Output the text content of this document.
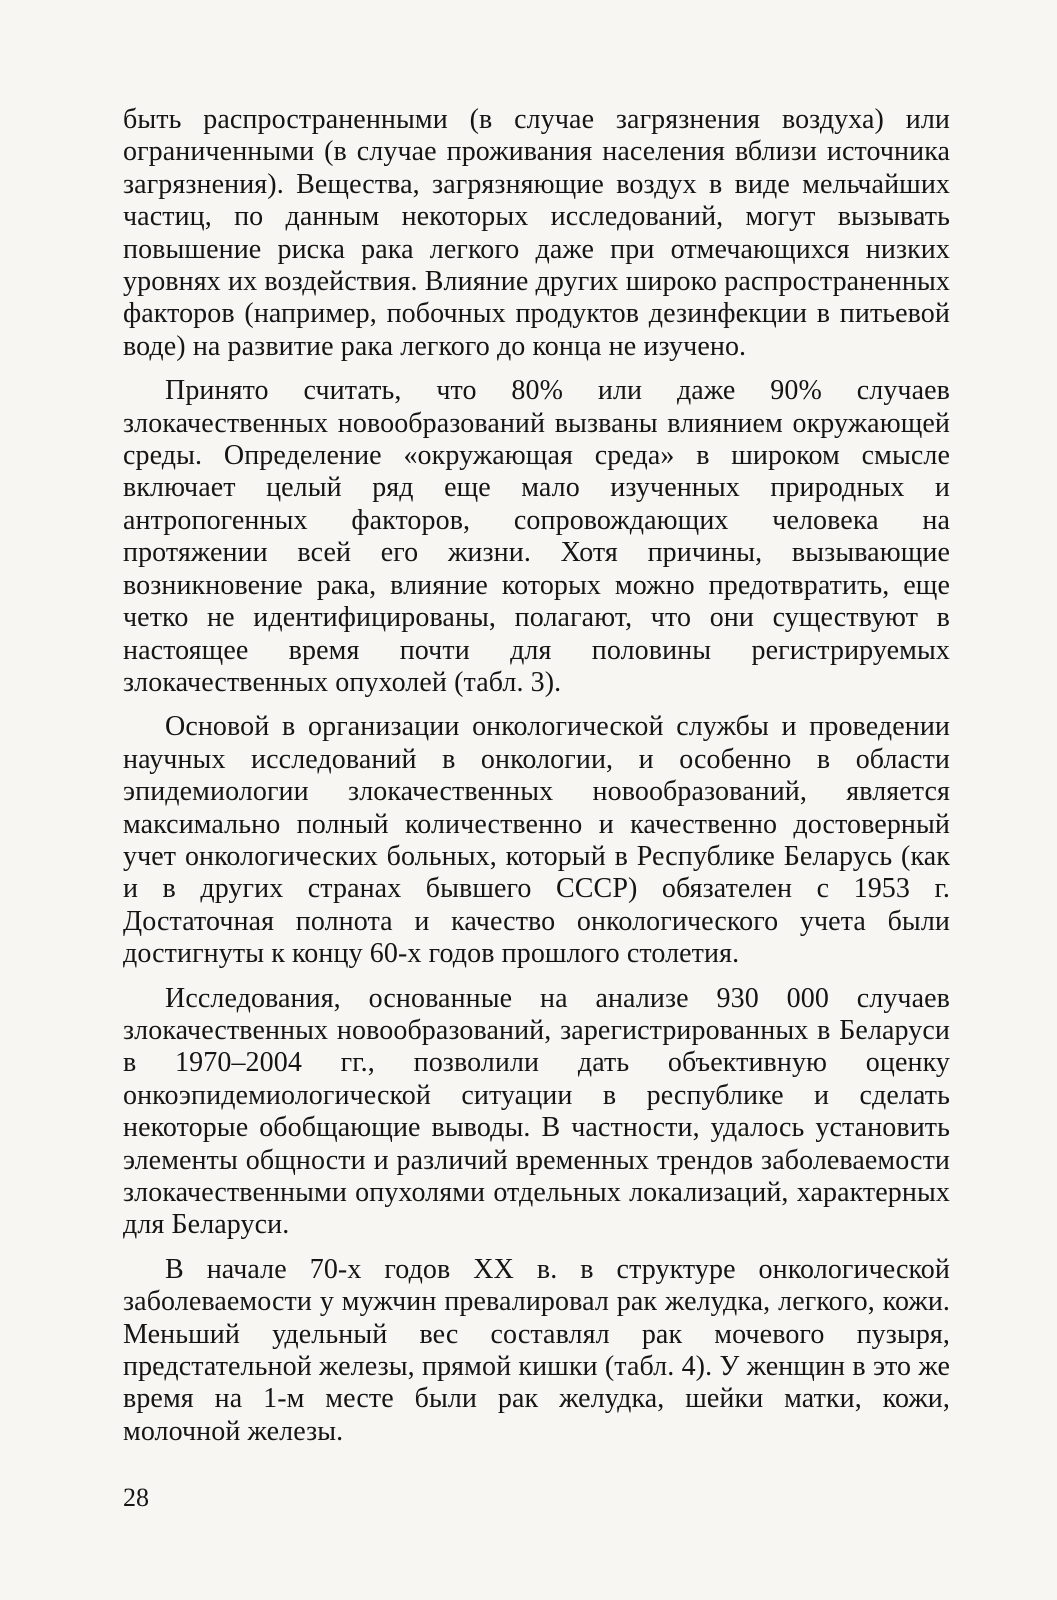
быть распространенными (в случае загрязнения воздуха) или ограниченными (в случае проживания населения вблизи источника загрязнения). Вещества, загрязняющие воздух в виде мельчайших частиц, по данным некоторых исследований, могут вызывать повышение риска рака легкого даже при отмечающихся низких уровнях их воздействия. Влияние других широко распространенных факторов (например, побочных продуктов дезинфекции в питьевой воде) на развитие рака легкого до конца не изучено.

Принято считать, что 80% или даже 90% случаев злокачественных новообразований вызваны влиянием окружающей среды. Определение «окружающая среда» в широком смысле включает целый ряд еще мало изученных природных и антропогенных факторов, сопровождающих человека на протяжении всей его жизни. Хотя причины, вызывающие возникновение рака, влияние которых можно предотвратить, еще четко не идентифицированы, полагают, что они существуют в настоящее время почти для половины регистрируемых злокачественных опухолей (табл. 3).

Основой в организации онкологической службы и проведении научных исследований в онкологии, и особенно в области эпидемиологии злокачественных новообразований, является максимально полный количественно и качественно достоверный учет онкологических больных, который в Республике Беларусь (как и в других странах бывшего СССР) обязателен с 1953 г. Достаточная полнота и качество онкологического учета были достигнуты к концу 60-х годов прошлого столетия.

Исследования, основанные на анализе 930 000 случаев злокачественных новообразований, зарегистрированных в Беларуси в 1970–2004 гг., позволили дать объективную оценку онкоэпидемиологической ситуации в республике и сделать некоторые обобщающие выводы. В частности, удалось установить элементы общности и различий временных трендов заболеваемости злокачественными опухолями отдельных локализаций, характерных для Беларуси.

В начале 70-х годов XX в. в структуре онкологической заболеваемости у мужчин превалировал рак желудка, легкого, кожи. Меньший удельный вес составлял рак мочевого пузыря, предстательной железы, прямой кишки (табл. 4). У женщин в это же время на 1-м месте были рак желудка, шейки матки, кожи, молочной железы.

28
